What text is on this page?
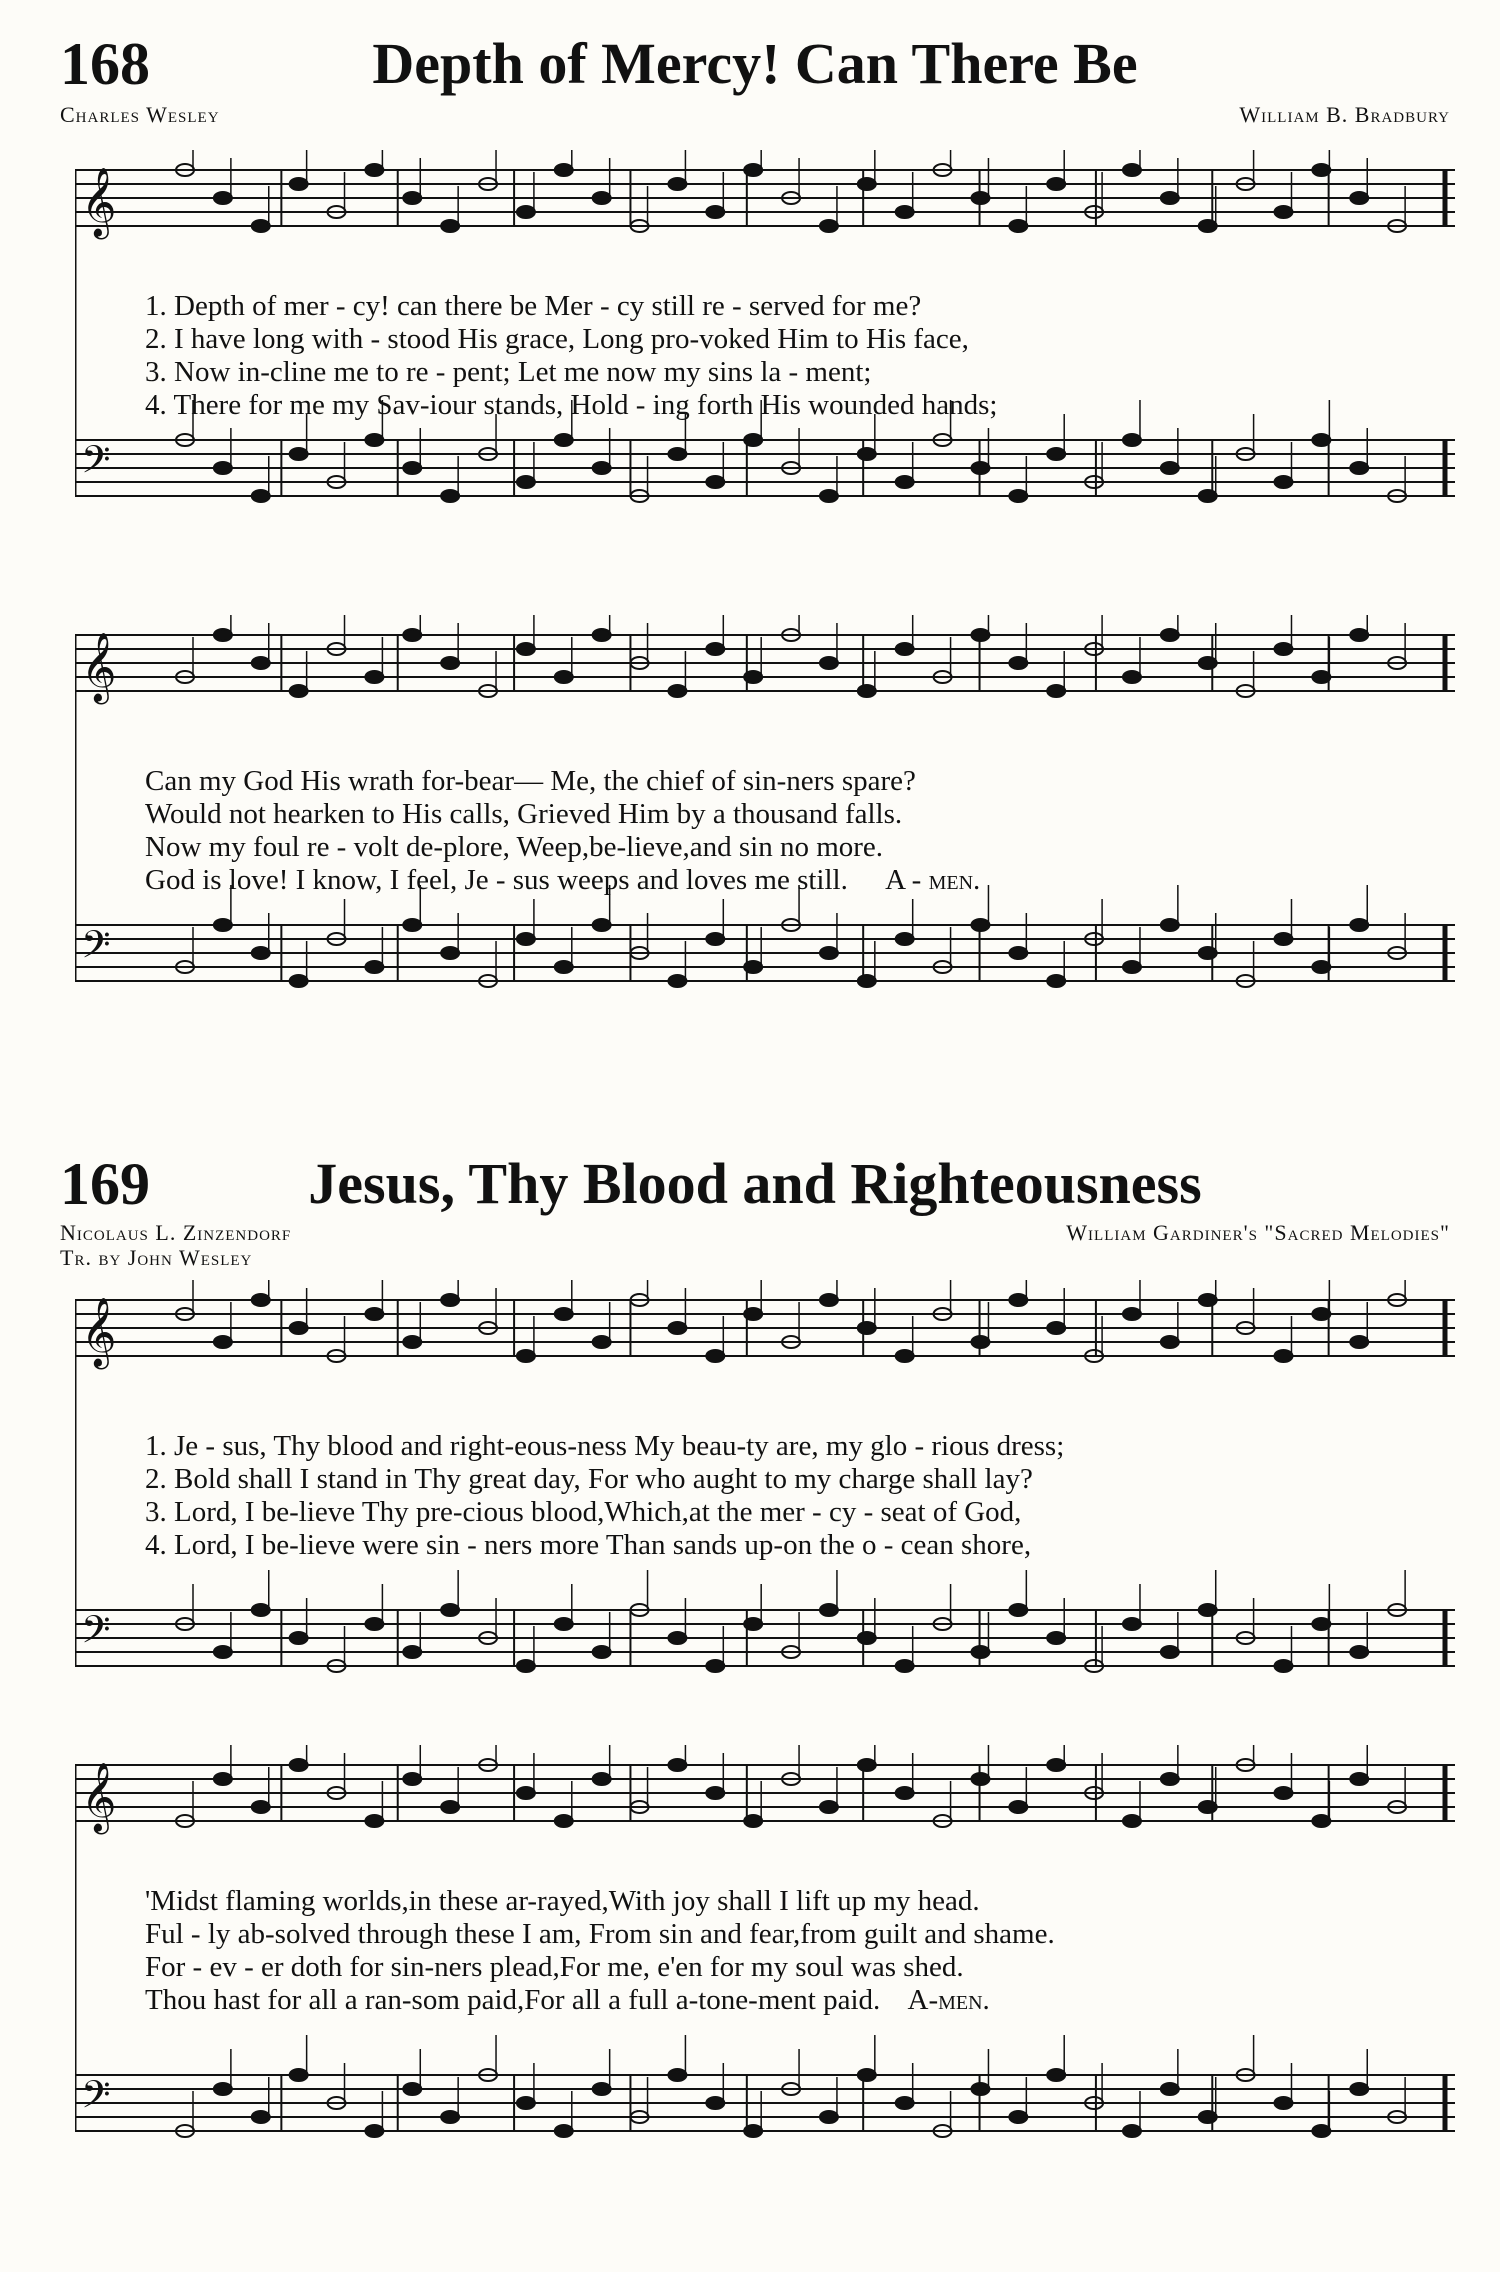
168	Depth of Mercy! Can There Be
Charles Wesley	William B. Bradbury
𝄞
𝄢
1. Depth of mer - cy! can there be Mer - cy still re - served for me?
2. I have long with - stood His grace, Long pro-voked Him to His face,
3. Now in-cline me to re - pent; Let me now my sins la - ment;
4. There for me my Sav-iour stands, Hold - ing forth His wounded hands;
𝄞
𝄢
Can my God His wrath for-bear— Me, the chief of sin-ners spare?
Would not hearken to His calls, Grieved Him by a thousand falls.
Now my foul re - volt de-plore, Weep,be-lieve,and sin no more.
God is love! I know, I feel, Je - sus weeps and loves me still. A - men.
169	Jesus, Thy Blood and Righteousness
Nicolaus L. Zinzendorf
Tr. by John Wesley
William Gardiner's "Sacred Melodies"
𝄞
𝄢
1. Je - sus, Thy blood and right-eous-ness My beau-ty are, my glo - rious dress;
2. Bold shall I stand in Thy great day, For who aught to my charge shall lay?
3. Lord, I be-lieve Thy pre-cious blood,Which,at the mer - cy - seat of God,
4. Lord, I be-lieve were sin - ners more Than sands up-on the o - cean shore,
𝄞
𝄢
'Midst flaming worlds,in these ar-rayed,With joy shall I lift up my head.
Ful - ly ab-solved through these I am, From sin and fear,from guilt and shame.
For - ev - er doth for sin-ners plead,For me, e'en for my soul was shed.
Thou hast for all a ran-som paid,For all a full a-tone-ment paid. A-men.
